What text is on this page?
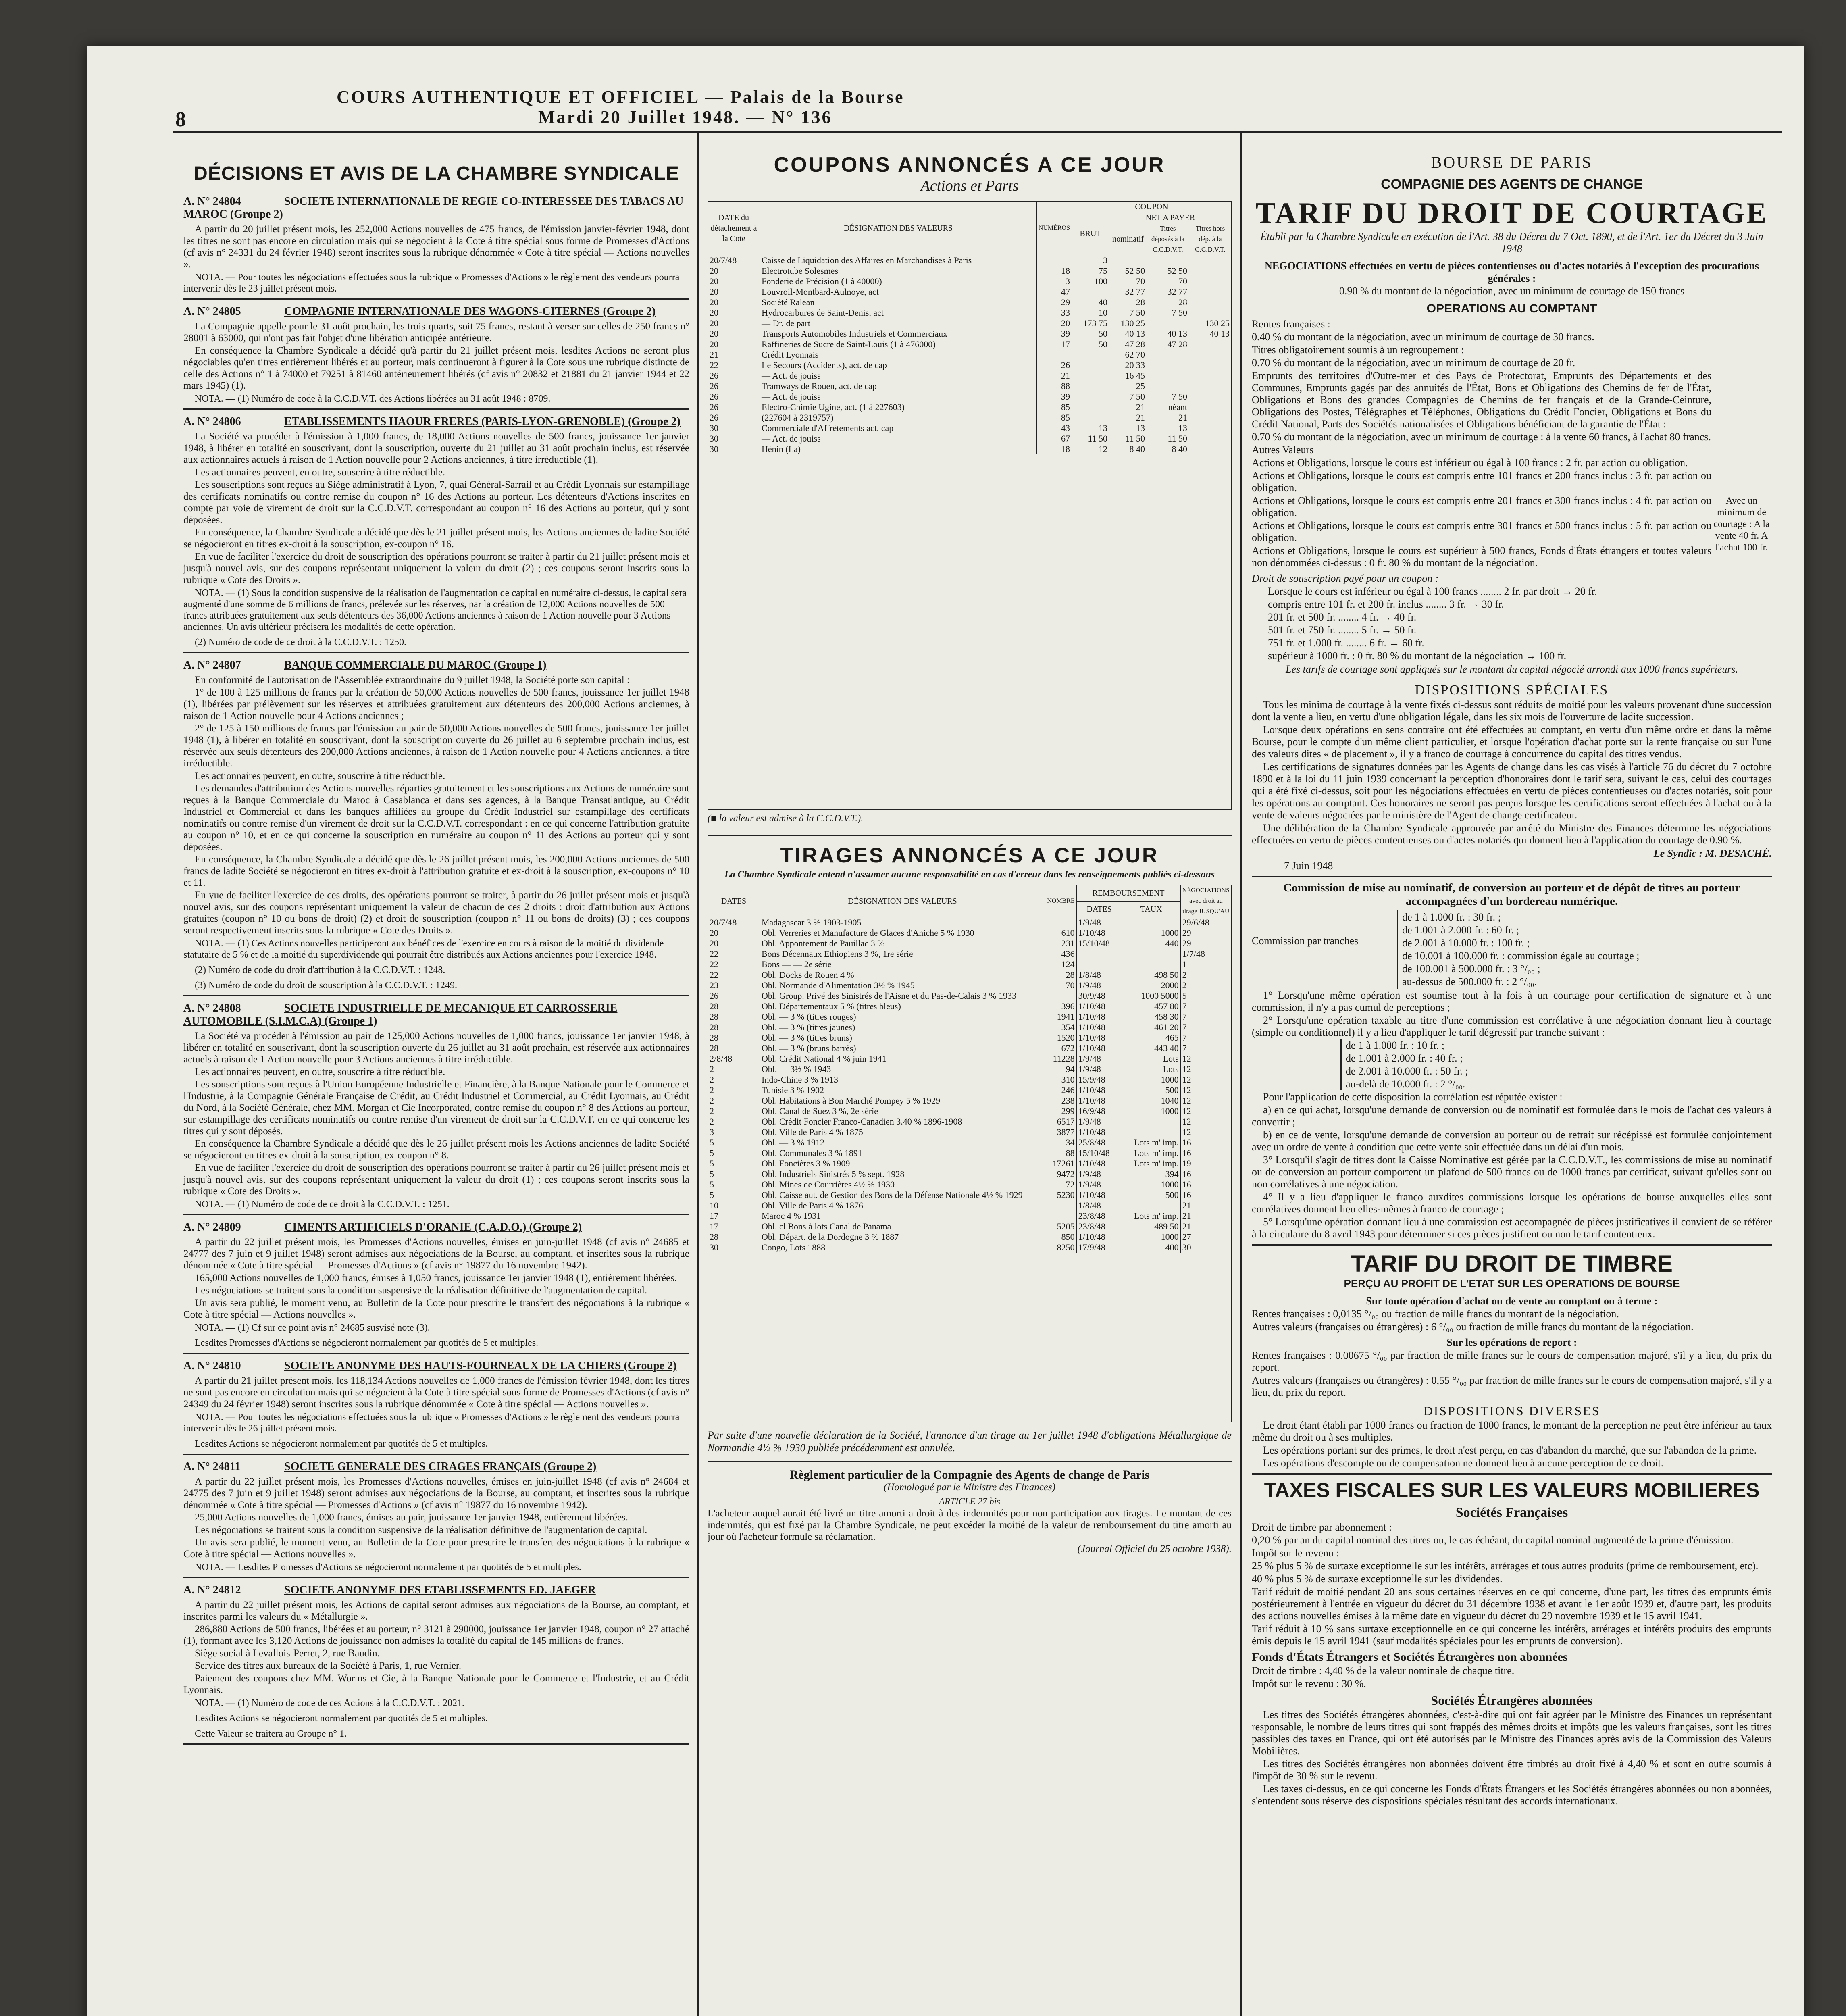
8
COURS AUTHENTIQUE ET OFFICIEL — Palais de la Bourse
Mardi 20 Juillet 1948. — N° 136
DÉCISIONS ET AVIS DE LA CHAMBRE SYNDICALE
A. N° 24804	SOCIETE INTERNATIONALE DE REGIE CO-INTERESSEE DES TABACS AU MAROC (Groupe 2)
A partir du 20 juillet présent mois, les 252,000 Actions nouvelles de 475 francs, de l'émission janvier-février 1948, dont les titres ne sont pas encore en circulation mais qui se négocient à la Cote à titre spécial sous forme de Promesses d'Actions (cf avis n° 24331 du 24 février 1948) seront inscrites sous la rubrique dénommée « Cote à titre spécial — Actions nouvelles ».
NOTA. — Pour toutes les négociations effectuées sous la rubrique « Promesses d'Actions » le règlement des vendeurs pourra intervenir dès le 23 juillet présent mois.
A. N° 24805	COMPAGNIE INTERNATIONALE DES WAGONS-CITERNES (Groupe 2)
La Compagnie appelle pour le 31 août prochain, les trois-quarts, soit 75 francs, restant à verser sur celles de 250 francs n° 28001 à 63000, qui n'ont pas fait l'objet d'une libération anticipée antérieure.
En conséquence la Chambre Syndicale a décidé qu'à partir du 21 juillet présent mois, lesdites Actions ne seront plus négociables qu'en titres entièrement libérés et au porteur, mais continueront à figurer à la Cote sous une rubrique distincte de celle des Actions n° 1 à 74000 et 79251 à 81460 antérieurement libérés (cf avis n° 20832 et 21881 du 21 janvier 1944 et 22 mars 1945) (1).
NOTA. — (1) Numéro de code à la C.C.D.V.T. des Actions libérées au 31 août 1948 : 8709.
A. N° 24806	ETABLISSEMENTS HAOUR FRERES (PARIS-LYON-GRENOBLE) (Groupe 2)
La Société va procéder à l'émission à 1,000 francs, de 18,000 Actions nouvelles de 500 francs, jouissance 1er janvier 1948, à libérer en totalité en souscrivant, dont la souscription, ouverte du 21 juillet au 31 août prochain inclus, est réservée aux actionnaires actuels à raison de 1 Action nouvelle pour 2 Actions anciennes, à titre irréductible (1).
Les actionnaires peuvent, en outre, souscrire à titre réductible.
Les souscriptions sont reçues au Siège administratif à Lyon, 7, quai Général-Sarrail et au Crédit Lyonnais sur estampillage des certificats nominatifs ou contre remise du coupon n° 16 des Actions au porteur. Les détenteurs d'Actions inscrites en compte par voie de virement de droit sur la C.C.D.V.T. correspondant au coupon n° 16 des Actions au porteur, qui y sont déposées.
En conséquence, la Chambre Syndicale a décidé que dès le 21 juillet présent mois, les Actions anciennes de ladite Société se négocieront en titres ex-droit à la souscription, ex-coupon n° 16.
En vue de faciliter l'exercice du droit de souscription des opérations pourront se traiter à partir du 21 juillet présent mois et jusqu'à nouvel avis, sur des coupons représentant uniquement la valeur du droit (2) ; ces coupons seront inscrits sous la rubrique « Cote des Droits ».
NOTA. — (1) Sous la condition suspensive de la réalisation de l'augmentation de capital en numéraire ci-dessus, le capital sera augmenté d'une somme de 6 millions de francs, prélevée sur les réserves, par la création de 12,000 Actions nouvelles de 500 francs attribuées gratuitement aux seuls détenteurs des 36,000 Actions anciennes à raison de 1 Action nouvelle pour 3 Actions anciennes. Un avis ultérieur précisera les modalités de cette opération.
(2) Numéro de code de ce droit à la C.C.D.V.T. : 1250.
A. N° 24807	BANQUE COMMERCIALE DU MAROC (Groupe 1)
En conformité de l'autorisation de l'Assemblée extraordinaire du 9 juillet 1948, la Société porte son capital :
1° de 100 à 125 millions de francs par la création de 50,000 Actions nouvelles de 500 francs, jouissance 1er juillet 1948 (1), libérées par prélèvement sur les réserves et attribuées gratuitement aux détenteurs des 200,000 Actions anciennes, à raison de 1 Action nouvelle pour 4 Actions anciennes ;
2° de 125 à 150 millions de francs par l'émission au pair de 50,000 Actions nouvelles de 500 francs, jouissance 1er juillet 1948 (1), à libérer en totalité en souscrivant, dont la souscription ouverte du 26 juillet au 6 septembre prochain inclus, est réservée aux seuls détenteurs des 200,000 Actions anciennes, à raison de 1 Action nouvelle pour 4 Actions anciennes, à titre irréductible.
Les actionnaires peuvent, en outre, souscrire à titre réductible.
Les demandes d'attribution des Actions nouvelles réparties gratuitement et les souscriptions aux Actions de numéraire sont reçues à la Banque Commerciale du Maroc à Casablanca et dans ses agences, à la Banque Transatlantique, au Crédit Industriel et Commercial et dans les banques affiliées au groupe du Crédit Industriel sur estampillage des certificats nominatifs ou contre remise d'un virement de droit sur la C.C.D.V.T. correspondant : en ce qui concerne l'attribution gratuite au coupon n° 10, et en ce qui concerne la souscription en numéraire au coupon n° 11 des Actions au porteur qui y sont déposées.
En conséquence, la Chambre Syndicale a décidé que dès le 26 juillet présent mois, les 200,000 Actions anciennes de 500 francs de ladite Société se négocieront en titres ex-droit à l'attribution gratuite et ex-droit à la souscription, ex-coupons n° 10 et 11.
En vue de faciliter l'exercice de ces droits, des opérations pourront se traiter, à partir du 26 juillet présent mois et jusqu'à nouvel avis, sur des coupons représentant uniquement la valeur de chacun de ces 2 droits : droit d'attribution aux Actions gratuites (coupon n° 10 ou bons de droit) (2) et droit de souscription (coupon n° 11 ou bons de droits) (3) ; ces coupons seront respectivement inscrits sous la rubrique « Cote des Droits ».
NOTA. — (1) Ces Actions nouvelles participeront aux bénéfices de l'exercice en cours à raison de la moitié du dividende statutaire de 5 % et de la moitié du superdividende qui pourrait être distribués aux Actions anciennes pour l'exercice 1948.
(2) Numéro de code du droit d'attribution à la C.C.D.V.T. : 1248.
(3) Numéro de code du droit de souscription à la C.C.D.V.T. : 1249.
A. N° 24808	SOCIETE INDUSTRIELLE DE MECANIQUE ET CARROSSERIE AUTOMOBILE (S.I.M.C.A) (Groupe 1)
La Société va procéder à l'émission au pair de 125,000 Actions nouvelles de 1,000 francs, jouissance 1er janvier 1948, à libérer en totalité en souscrivant, dont la souscription ouverte du 26 juillet au 31 août prochain, est réservée aux actionnaires actuels à raison de 1 Action nouvelle pour 3 Actions anciennes à titre irréductible.
Les actionnaires peuvent, en outre, souscrire à titre réductible.
Les souscriptions sont reçues à l'Union Européenne Industrielle et Financière, à la Banque Nationale pour le Commerce et l'Industrie, à la Compagnie Générale Française de Crédit, au Crédit Industriel et Commercial, au Crédit Lyonnais, au Crédit du Nord, à la Société Générale, chez MM. Morgan et Cie Incorporated, contre remise du coupon n° 8 des Actions au porteur, sur estampillage des certificats nominatifs ou contre remise d'un virement de droit sur la C.C.D.V.T. en ce qui concerne les titres qui y sont déposés.
En conséquence la Chambre Syndicale a décidé que dès le 26 juillet présent mois les Actions anciennes de ladite Société se négocieront en titres ex-droit à la souscription, ex-coupon n° 8.
En vue de faciliter l'exercice du droit de souscription des opérations pourront se traiter à partir du 26 juillet présent mois et jusqu'à nouvel avis, sur des coupons représentant uniquement la valeur du droit (1) ; ces coupons seront inscrits sous la rubrique « Cote des Droits ».
NOTA. — (1) Numéro de code de ce droit à la C.C.D.V.T. : 1251.
A. N° 24809	CIMENTS ARTIFICIELS D'ORANIE (C.A.D.O.) (Groupe 2)
A partir du 22 juillet présent mois, les Promesses d'Actions nouvelles, émises en juin-juillet 1948 (cf avis n° 24685 et 24777 des 7 juin et 9 juillet 1948) seront admises aux négociations de la Bourse, au comptant, et inscrites sous la rubrique dénommée « Cote à titre spécial — Promesses d'Actions » (cf avis n° 19877 du 16 novembre 1942).
165,000 Actions nouvelles de 1,000 francs, émises à 1,050 francs, jouissance 1er janvier 1948 (1), entièrement libérées.
Les négociations se traitent sous la condition suspensive de la réalisation définitive de l'augmentation de capital.
Un avis sera publié, le moment venu, au Bulletin de la Cote pour prescrire le transfert des négociations à la rubrique « Cote à titre spécial — Actions nouvelles ».
NOTA. — (1) Cf sur ce point avis n° 24685 susvisé note (3).
Lesdites Promesses d'Actions se négocieront normalement par quotités de 5 et multiples.
A. N° 24810	SOCIETE ANONYME DES HAUTS-FOURNEAUX DE LA CHIERS (Groupe 2)
A partir du 21 juillet présent mois, les 118,134 Actions nouvelles de 1,000 francs de l'émission février 1948, dont les titres ne sont pas encore en circulation mais qui se négocient à la Cote à titre spécial sous forme de Promesses d'Actions (cf avis n° 24349 du 24 février 1948) seront inscrites sous la rubrique dénommée « Cote à titre spécial — Actions nouvelles ».
NOTA. — Pour toutes les négociations effectuées sous la rubrique « Promesses d'Actions » le règlement des vendeurs pourra intervenir dès le 26 juillet présent mois.
Lesdites Actions se négocieront normalement par quotités de 5 et multiples.
A. N° 24811	SOCIETE GENERALE DES CIRAGES FRANÇAIS (Groupe 2)
A partir du 22 juillet présent mois, les Promesses d'Actions nouvelles, émises en juin-juillet 1948 (cf avis n° 24684 et 24775 des 7 juin et 9 juillet 1948) seront admises aux négociations de la Bourse, au comptant, et inscrites sous la rubrique dénommée « Cote à titre spécial — Promesses d'Actions » (cf avis n° 19877 du 16 novembre 1942).
25,000 Actions nouvelles de 1,000 francs, émises au pair, jouissance 1er janvier 1948, entièrement libérées.
Les négociations se traitent sous la condition suspensive de la réalisation définitive de l'augmentation de capital.
Un avis sera publié, le moment venu, au Bulletin de la Cote pour prescrire le transfert des négociations à la rubrique « Cote à titre spécial — Actions nouvelles ».
NOTA. — Lesdites Promesses d'Actions se négocieront normalement par quotités de 5 et multiples.
A. N° 24812	SOCIETE ANONYME DES ETABLISSEMENTS ED. JAEGER
A partir du 22 juillet présent mois, les Actions de capital seront admises aux négociations de la Bourse, au comptant, et inscrites parmi les valeurs du « Métallurgie ».
286,880 Actions de 500 francs, libérées et au porteur, n° 3121 à 290000, jouissance 1er janvier 1948, coupon n° 27 attaché (1), formant avec les 3,120 Actions de jouissance non admises la totalité du capital de 145 millions de francs.
Siège social à Levallois-Perret, 2, rue Baudin.
Service des titres aux bureaux de la Société à Paris, 1, rue Vernier.
Paiement des coupons chez MM. Worms et Cie, à la Banque Nationale pour le Commerce et l'Industrie, et au Crédit Lyonnais.
NOTA. — (1) Numéro de code de ces Actions à la C.C.D.V.T. : 2021.
Lesdites Actions se négocieront normalement par quotités de 5 et multiples.
Cette Valeur se traitera au Groupe n° 1.
COUPONS ANNONCÉS A CE JOUR
Actions et Parts
DATE du détachement à la Cote	DÉSIGNATION DES VALEURS	NUMÉROS	COUPON			
			BRUT	NET A PAYER		
				nominatif	Titres déposés à la C.C.D.V.T.	Titres hors dép. à la C.C.D.V.T.
20/7/48	Caisse de Liquidation des Affaires en Marchandises à Paris		3			
20	Electrotube Solesmes	18	75	52 50	52 50	
20	Fonderie de Précision (1 à 40000)	3	100	70	70	
20	Louvroil-Montbard-Aulnoye, act	47		32 77	32 77	
20	Société Ralean	29	40	28	28	
20	Hydrocarbures de Saint-Denis, act	33	10	7 50	7 50	
20	— Dr. de part	20	173 75	130 25		130 25
20	Transports Automobiles Industriels et Commerciaux	39	50	40 13	40 13	40 13
20	Raffineries de Sucre de Saint-Louis (1 à 476000)	17	50	47 28	47 28	
21	Crédit Lyonnais			62 70		
22	Le Secours (Accidents), act. de cap	26		20 33		
26	— Act. de jouiss	21		16 45		
26	Tramways de Rouen, act. de cap	88		25		
26	— Act. de jouiss	39		7 50	7 50	
26	Electro-Chimie Ugine, act. (1 à 227603)	85		21	néant	
26	(227604 à 2319757)	85		21	21	
30	Commerciale d'Affrètements act. cap	43	13	13	13	
30	— Act. de jouiss	67	11 50	11 50	11 50	
30	Hénin (La)	18	12	8 40	8 40	

(■ la valeur est admise à la C.C.D.V.T.).
TIRAGES ANNONCÉS A CE JOUR
La Chambre Syndicale entend n'assumer aucune responsabilité en cas d'erreur dans les renseignements publiés ci-dessous
DATES	DÉSIGNATION DES VALEURS	NOMBRE	REMBOURSEMENT		NÉGOCIATIONS avec droit au tirage JUSQU'AU
			DATES	TAUX	
20/7/48	Madagascar 3 % 1903-1905		1/9/48		29/6/48
20	Obl. Verreries et Manufacture de Glaces d'Aniche 5 % 1930	610	1/10/48	1000	29
20	Obl. Appontement de Pauillac 3 %	231	15/10/48	440	29
22	Bons Décennaux Ethiopiens 3 %, 1re série	436			1/7/48
22	Bons — — 2e série	124			1
22	Obl. Docks de Rouen 4 %	28	1/8/48	498 50	2
23	Obl. Normande d'Alimentation 3½ % 1945	70	1/9/48	2000	2
26	Obl. Group. Privé des Sinistrés de l'Aisne et du Pas-de-Calais 3 % 1933		30/9/48	1000 5000	5
28	Obl. Départementaux 5 % (titres bleus)	396	1/10/48	457 80	7
28	Obl. — 3 % (titres rouges)	1941	1/10/48	458 30	7
28	Obl. — 3 % (titres jaunes)	354	1/10/48	461 20	7
28	Obl. — 3 % (titres bruns)	1520	1/10/48	465	7
28	Obl. — 3 % (bruns barrés)	672	1/10/48	443 40	7
2/8/48	Obl. Crédit National 4 % juin 1941	11228	1/9/48	Lots	12
2	Obl. — 3½ % 1943	94	1/9/48	Lots	12
2	Indo-Chine 3 % 1913	310	15/9/48	1000	12
2	Tunisie 3 % 1902	246	1/10/48	500	12
2	Obl. Habitations à Bon Marché Pompey 5 % 1929	238	1/10/48	1040	12
2	Obl. Canal de Suez 3 %, 2e série	299	16/9/48	1000	12
2	Obl. Crédit Foncier Franco-Canadien 3.40 % 1896-1908	6517	1/9/48		12
3	Obl. Ville de Paris 4 % 1875	3877	1/10/48		12
5	Obl. — 3 % 1912	34	25/8/48	Lots m' imp.	16
5	Obl. Communales 3 % 1891	88	15/10/48	Lots m' imp.	16
5	Obl. Foncières 3 % 1909	17261	1/10/48	Lots m' imp.	19
5	Obl. Industriels Sinistrés 5 % sept. 1928	9472	1/9/48	394	16
5	Obl. Mines de Courrières 4½ % 1930	72	1/9/48	1000	16
5	Obl. Caisse aut. de Gestion des Bons de la Défense Nationale 4½ % 1929	5230	1/10/48	500	16
10	Obl. Ville de Paris 4 % 1876		1/8/48		21
17	Maroc 4 % 1931		23/8/48	Lots m' imp.	21
17	Obl. cl Bons à lots Canal de Panama	5205	23/8/48	489 50	21
28	Obl. Départ. de la Dordogne 3 % 1887	850	1/10/48	1000	27
30	Congo, Lots 1888	8250	17/9/48	400	30

Par suite d'une nouvelle déclaration de la Société, l'annonce d'un tirage au 1er juillet 1948 d'obligations Métallurgique de Normandie 4½ % 1930 publiée précédemment est annulée.
Règlement particulier de la Compagnie des Agents de change de Paris
(Homologué par le Ministre des Finances)
ARTICLE 27 bis
L'acheteur auquel aurait été livré un titre amorti a droit à des indemnités pour non participation aux tirages. Le montant de ces indemnités, qui est fixé par la Chambre Syndicale, ne peut excéder la moitié de la valeur de remboursement du titre amorti au jour où l'acheteur formule sa réclamation.
(Journal Officiel du 25 octobre 1938).
BOURSE DE PARIS
COMPAGNIE DES AGENTS DE CHANGE
TARIF DU DROIT DE COURTAGE
Établi par la Chambre Syndicale en exécution de l'Art. 38 du Décret du 7 Oct. 1890, et de l'Art. 1er du Décret du 3 Juin 1948
NEGOCIATIONS effectuées en vertu de pièces contentieuses ou d'actes notariés à l'exception des procurations générales :
0.90 % du montant de la négociation, avec un minimum de courtage de 150 francs
OPERATIONS AU COMPTANT
Rentes françaises :
0.40 % du montant de la négociation, avec un minimum de courtage de 30 francs.
Titres obligatoirement soumis à un regroupement :
0.70 % du montant de la négociation, avec un minimum de courtage de 20 fr.
Emprunts des territoires d'Outre-mer et des Pays de Protectorat, Emprunts des Départements et des Communes, Emprunts gagés par des annuités de l'État, Bons et Obligations des Chemins de fer de l'État, Obligations et Bons des grandes Compagnies de Chemins de fer français et de la Grande-Ceinture, Obligations des Postes, Télégraphes et Téléphones, Obligations du Crédit Foncier, Obligations et Bons du Crédit National, Parts des Sociétés nationalisées et Obligations bénéficiant de la garantie de l'État :
0.70 % du montant de la négociation, avec un minimum de courtage : à la vente 60 francs, à l'achat 80 francs.
Autres Valeurs
Actions et Obligations, lorsque le cours est inférieur ou égal à 100 francs : 2 fr. par action ou obligation.
Actions et Obligations, lorsque le cours est compris entre 101 francs et 200 francs inclus : 3 fr. par action ou obligation.
Actions et Obligations, lorsque le cours est compris entre 201 francs et 300 francs inclus : 4 fr. par action ou obligation.
Actions et Obligations, lorsque le cours est compris entre 301 francs et 500 francs inclus : 5 fr. par action ou obligation.
Actions et Obligations, lorsque le cours est supérieur à 500 francs, Fonds d'États étrangers et toutes valeurs non dénommées ci-dessus : 0 fr. 80 % du montant de la négociation.
Avec un minimum de courtage : A la vente 40 fr. A l'achat 100 fr.
Droit de souscription payé pour un coupon :
Lorsque le cours est inférieur ou égal à 100 francs ........ 2 fr. par droit → 20 fr.
compris entre 101 fr. et 200 fr. inclus ........ 3 fr. → 30 fr.
201 fr. et 500 fr. ........ 4 fr. → 40 fr.
501 fr. et 750 fr. ........ 5 fr. → 50 fr.
751 fr. et 1.000 fr. ........ 6 fr. → 60 fr.
supérieur à 1000 fr. : 0 fr. 80 % du montant de la négociation → 100 fr.
Les tarifs de courtage sont appliqués sur le montant du capital négocié arrondi aux 1000 francs supérieurs.
DISPOSITIONS SPÉCIALES
Tous les minima de courtage à la vente fixés ci-dessus sont réduits de moitié pour les valeurs provenant d'une succession dont la vente a lieu, en vertu d'une obligation légale, dans les six mois de l'ouverture de ladite succession.
Lorsque deux opérations en sens contraire ont été effectuées au comptant, en vertu d'un même ordre et dans la même Bourse, pour le compte d'un même client particulier, et lorsque l'opération d'achat porte sur la rente française ou sur l'une des valeurs dites « de placement », il y a franco de courtage à concurrence du capital des titres vendus.
Les certifications de signatures données par les Agents de change dans les cas visés à l'article 76 du décret du 7 octobre 1890 et à la loi du 11 juin 1939 concernant la perception d'honoraires dont le tarif sera, suivant le cas, celui des courtages qui a été fixé ci-dessus, soit pour les négociations effectuées en vertu de pièces contentieuses ou d'actes notariés, soit pour les opérations au comptant. Ces honoraires ne seront pas perçus lorsque les certifications seront effectuées à l'achat ou à la vente de valeurs négociées par le ministère de l'Agent de change certificateur.
Une délibération de la Chambre Syndicale approuvée par arrêté du Ministre des Finances détermine les négociations effectuées en vertu de pièces contentieuses ou d'actes notariés qui donnent lieu à l'application du courtage de 0.90 %.
Le Syndic : M. DESACHÉ.
7 Juin 1948
Commission de mise au nominatif, de conversion au porteur et de dépôt de titres au porteur accompagnées d'un bordereau numérique.
Commission par tranches
de 1 à 1.000 fr. : 30 fr. ;
de 1.001 à 2.000 fr. : 60 fr. ;
de 2.001 à 10.000 fr. : 100 fr. ;
de 10.001 à 100.000 fr. : commission égale au courtage ;
de 100.001 à 500.000 fr. : 3 °/₀₀ ;
au-dessus de 500.000 fr. : 2 °/₀₀.
1° Lorsqu'une même opération est soumise tout à la fois à un courtage pour certification de signature et à une commission, il n'y a pas cumul de perceptions ;
2° Lorsqu'une opération taxable au titre d'une commission est corrélative à une négociation donnant lieu à courtage (simple ou conditionnel) il y a lieu d'appliquer le tarif dégressif par tranche suivant :
de 1 à 1.000 fr. : 10 fr. ;
de 1.001 à 2.000 fr. : 40 fr. ;
de 2.001 à 10.000 fr. : 50 fr. ;
au-delà de 10.000 fr. : 2 °/₀₀.
Pour l'application de cette disposition la corrélation est réputée exister :
a) en ce qui achat, lorsqu'une demande de conversion ou de nominatif est formulée dans le mois de l'achat des valeurs à convertir ;
b) en ce de vente, lorsqu'une demande de conversion au porteur ou de retrait sur récépissé est formulée conjointement avec un ordre de vente à condition que cette vente soit effectuée dans un délai d'un mois.
3° Lorsqu'il s'agit de titres dont la Caisse Nominative est gérée par la C.C.D.V.T., les commissions de mise au nominatif ou de conversion au porteur comportent un plafond de 500 francs ou de 1000 francs par certificat, suivant qu'elles sont ou non corrélatives à une négociation.
4° Il y a lieu d'appliquer le franco auxdites commissions lorsque les opérations de bourse auxquelles elles sont corrélatives donnent lieu elles-mêmes à franco de courtage ;
5° Lorsqu'une opération donnant lieu à une commission est accompagnée de pièces justificatives il convient de se référer à la circulaire du 8 avril 1943 pour déterminer si ces pièces justifient ou non le tarif contentieux.
TARIF DU DROIT DE TIMBRE
PERÇU AU PROFIT DE L'ETAT SUR LES OPERATIONS DE BOURSE
Sur toute opération d'achat ou de vente au comptant ou à terme :
Rentes françaises : 0,0135 °/₀₀ ou fraction de mille francs du montant de la négociation.
Autres valeurs (françaises ou étrangères) : 6 °/₀₀ ou fraction de mille francs du montant de la négociation.
Sur les opérations de report :
Rentes françaises : 0,00675 °/₀₀ par fraction de mille francs sur le cours de compensation majoré, s'il y a lieu, du prix du report.
Autres valeurs (françaises ou étrangères) : 0,55 °/₀₀ par fraction de mille francs sur le cours de compensation majoré, s'il y a lieu, du prix du report.
DISPOSITIONS DIVERSES
Le droit étant établi par 1000 francs ou fraction de 1000 francs, le montant de la perception ne peut être inférieur au taux même du droit ou à ses multiples.
Les opérations portant sur des primes, le droit n'est perçu, en cas d'abandon du marché, que sur l'abandon de la prime.
Les opérations d'escompte ou de compensation ne donnent lieu à aucune perception de ce droit.
TAXES FISCALES SUR LES VALEURS MOBILIERES
Sociétés Françaises
Droit de timbre par abonnement :
0,20 % par an du capital nominal des titres ou, le cas échéant, du capital nominal augmenté de la prime d'émission.
Impôt sur le revenu :
25 % plus 5 % de surtaxe exceptionnelle sur les intérêts, arrérages et tous autres produits (prime de remboursement, etc).
40 % plus 5 % de surtaxe exceptionnelle sur les dividendes.
Tarif réduit de moitié pendant 20 ans sous certaines réserves en ce qui concerne, d'une part, les titres des emprunts émis postérieurement à l'entrée en vigueur du décret du 31 décembre 1938 et avant le 1er août 1939 et, d'autre part, les produits des actions nouvelles émises à la même date en vigueur du décret du 29 novembre 1939 et le 15 avril 1941.
Tarif réduit à 10 % sans surtaxe exceptionnelle en ce qui concerne les intérêts, arrérages et intérêts produits des emprunts émis depuis le 15 avril 1941 (sauf modalités spéciales pour les emprunts de conversion).
Fonds d'États Étrangers et Sociétés Étrangères non abonnées
Droit de timbre : 4,40 % de la valeur nominale de chaque titre.
Impôt sur le revenu : 30 %.
Sociétés Étrangères abonnées
Les titres des Sociétés étrangères abonnées, c'est-à-dire qui ont fait agréer par le Ministre des Finances un représentant responsable, le nombre de leurs titres qui sont frappés des mêmes droits et impôts que les valeurs françaises, sont les titres passibles des taxes en France, qui ont été autorisés par le Ministre des Finances après avis de la Commission des Valeurs Mobilières.
Les titres des Sociétés étrangères non abonnées doivent être timbrés au droit fixé à 4,40 % et sont en outre soumis à l'impôt de 30 % sur le revenu.
Les taxes ci-dessus, en ce qui concerne les Fonds d'États Étrangers et les Sociétés étrangères abonnées ou non abonnées, s'entendent sous réserve des dispositions spéciales résultant des accords internationaux.
